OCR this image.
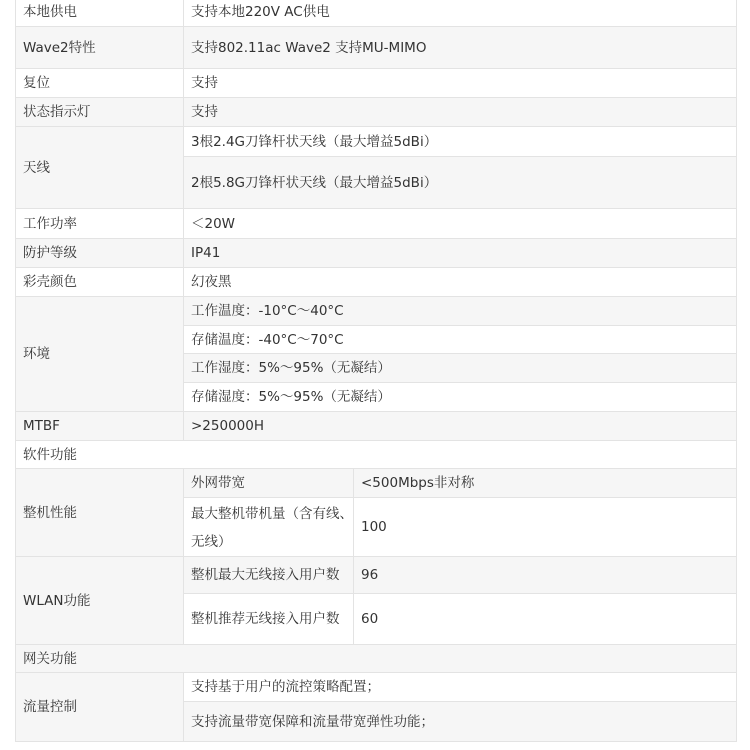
本地供电	支持本地220V AC供电	
Wave2特性	支持802.11ac Wave2 支持MU-MIMO	
复位	支持	
状态指示灯	支持	
天线	3根2.4G刀锋杆状天线（最大增益5dBi）	
	2根5.8G刀锋杆状天线（最大增益5dBi）	
工作功率	＜20W	
防护等级	IP41	
彩壳颜色	幻夜黑	
环境	工作温度：-10°C～40°C	
	存储温度：-40°C～70°C	
	工作湿度：5%～95%（无凝结）	
	存储湿度：5%～95%（无凝结）	
MTBF	>250000H	
软件功能		
整机性能	外网带宽	<500Mbps非对称
	最大整机带机量（含有线、无线）	100
WLAN功能	整机最大无线接入用户数	96
	整机推荐无线接入用户数	60
网关功能		
流量控制	支持基于用户的流控策略配置；	
	支持流量带宽保障和流量带宽弹性功能；	
